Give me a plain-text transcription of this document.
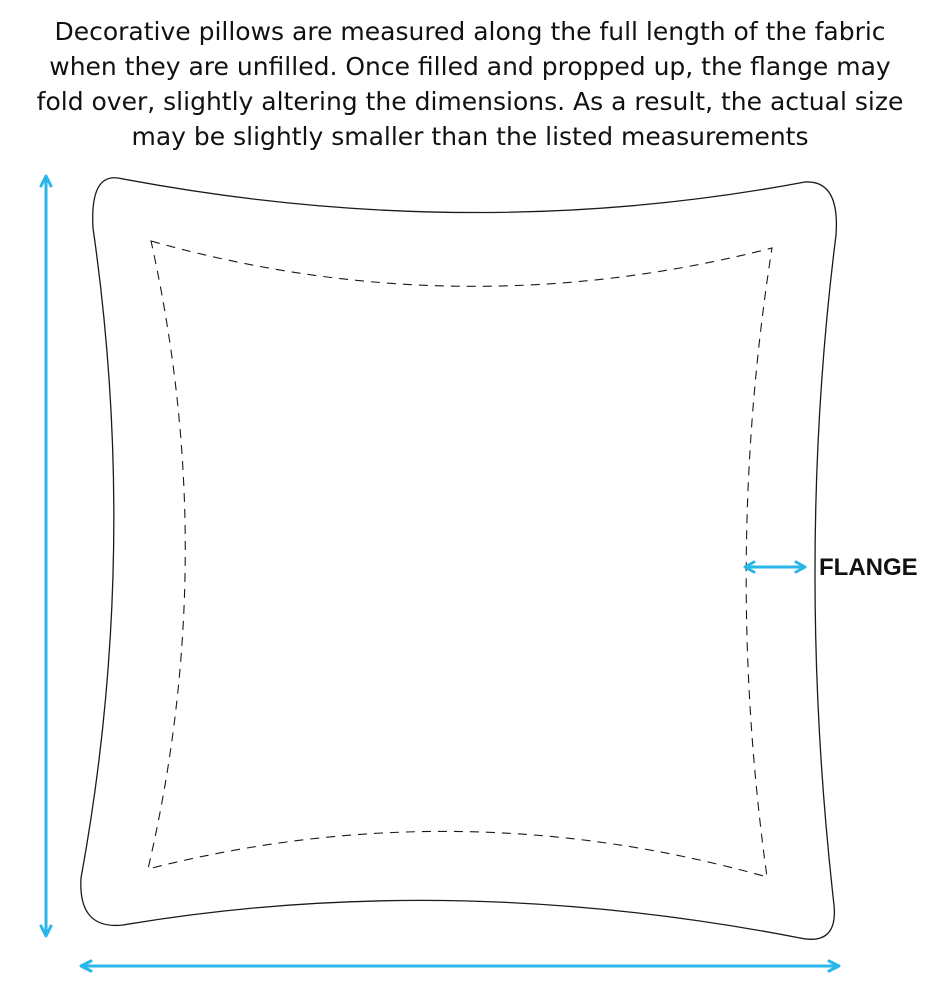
Decorative pillows are measured along the full length of the fabric
when they are unfilled. Once filled and propped up, the flange may
fold over, slightly altering the dimensions. As a result, the actual size
may be slightly smaller than the listed measurements
FLANGE
